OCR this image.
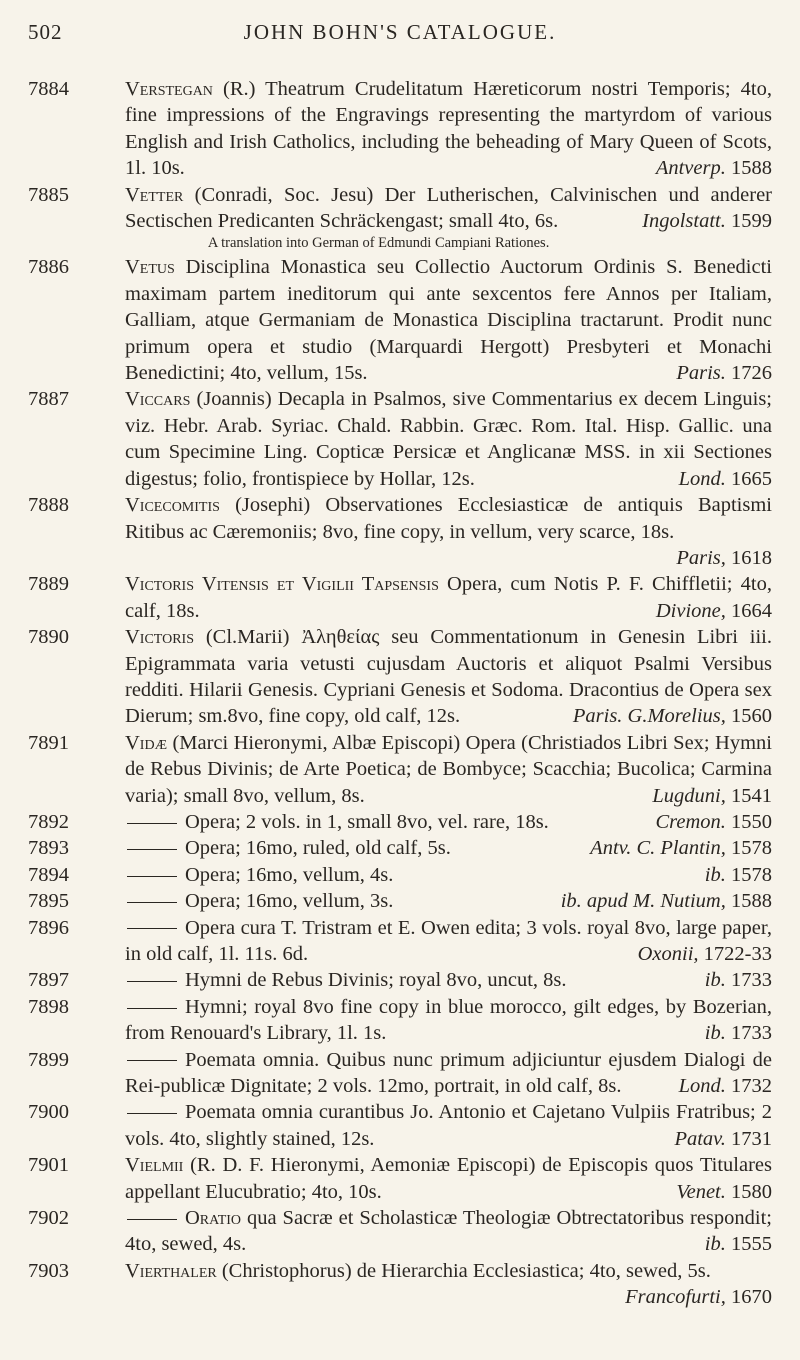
502	JOHN BOHN'S CATALOGUE.
7884	Verstegan (R.) Theatrum Crudelitatum Hæreticorum nostri Temporis; 4to, fine impressions of the Engravings representing the martyrdom of various English and Irish Catholics, including the beheading of Mary Queen of Scots, 1l. 10s.	Antverp. 1588
7885	Vetter (Conradi, Soc. Jesu) Der Lutherischen, Calvinischen und anderer Sectischen Predicanten Schräckengast; small 4to, 6s.	Ingolstatt. 1599
A translation into German of Edmundi Campiani Rationes.
7886	Vetus Disciplina Monastica seu Collectio Auctorum Ordinis S. Benedicti maximam partem ineditorum qui ante sexcentos fere Annos per Italiam, Galliam, atque Germaniam de Monastica Disciplina tractarunt. Prodit nunc primum opera et studio (Marquardi Hergott) Presbyteri et Monachi Benedictini; 4to, vellum, 15s.	Paris. 1726
7887	Viccars (Joannis) Decapla in Psalmos, sive Commentarius ex decem Linguis; viz. Hebr. Arab. Syriac. Chald. Rabbin. Græc. Rom. Ital. Hisp. Gallic. una cum Specimine Ling. Copticæ Persicæ et Anglicanæ MSS. in xii Sectiones digestus; folio, frontispiece by Hollar, 12s.	Lond. 1665
7888	Vicecomitis (Josephi) Observationes Ecclesiasticæ de antiquis Baptismi Ritibus ac Cæremoniis; 8vo, fine copy, in vellum, very scarce, 18s.
Paris, 1618
7889	Victoris Vitensis et Vigilii Tapsensis Opera, cum Notis P. F. Chiffletii; 4to, calf, 18s.	Divione, 1664
7890	Victoris (Cl.Marii) Ἀληθείας seu Commentationum in Genesin Libri iii. Epigrammata varia vetusti cujusdam Auctoris et aliquot Psalmi Versibus redditi. Hilarii Genesis. Cypriani Genesis et Sodoma. Dracontius de Opera sex Dierum; sm.8vo, fine copy, old calf, 12s.	Paris. G.Morelius, 1560
7891	Vidæ (Marci Hieronymi, Albæ Episcopi) Opera (Christiados Libri Sex; Hymni de Rebus Divinis; de Arte Poetica; de Bombyce; Scacchia; Bucolica; Carmina varia); small 8vo, vellum, 8s.	Lugduni, 1541
7892	Opera; 2 vols. in 1, small 8vo, vel. rare, 18s.	Cremon. 1550
7893	Opera; 16mo, ruled, old calf, 5s.	Antv. C. Plantin, 1578
7894	Opera; 16mo, vellum, 4s.	ib. 1578
7895	Opera; 16mo, vellum, 3s.	ib. apud M. Nutium, 1588
7896	Opera cura T. Tristram et E. Owen edita; 3 vols. royal 8vo, large paper, in old calf, 1l. 11s. 6d.	Oxonii, 1722-33
7897	Hymni de Rebus Divinis; royal 8vo, uncut, 8s.	ib. 1733
7898	Hymni; royal 8vo fine copy in blue morocco, gilt edges, by Bozerian, from Renouard's Library, 1l. 1s.	ib. 1733
7899	Poemata omnia. Quibus nunc primum adjiciuntur ejusdem Dialogi de Rei-publicæ Dignitate; 2 vols. 12mo, portrait, in old calf, 8s.	Lond. 1732
7900	Poemata omnia curantibus Jo. Antonio et Cajetano Vulpiis Fratribus; 2 vols. 4to, slightly stained, 12s.	Patav. 1731
7901	Vielmii (R. D. F. Hieronymi, Aemoniæ Episcopi) de Episcopis quos Titulares appellant Elucubratio; 4to, 10s.	Venet. 1580
7902	Oratio qua Sacræ et Scholasticæ Theologiæ Obtrectatoribus respondit; 4to, sewed, 4s.	ib. 1555
7903	Vierthaler (Christophorus) de Hierarchia Ecclesiastica; 4to, sewed, 5s.
Francofurti, 1670
